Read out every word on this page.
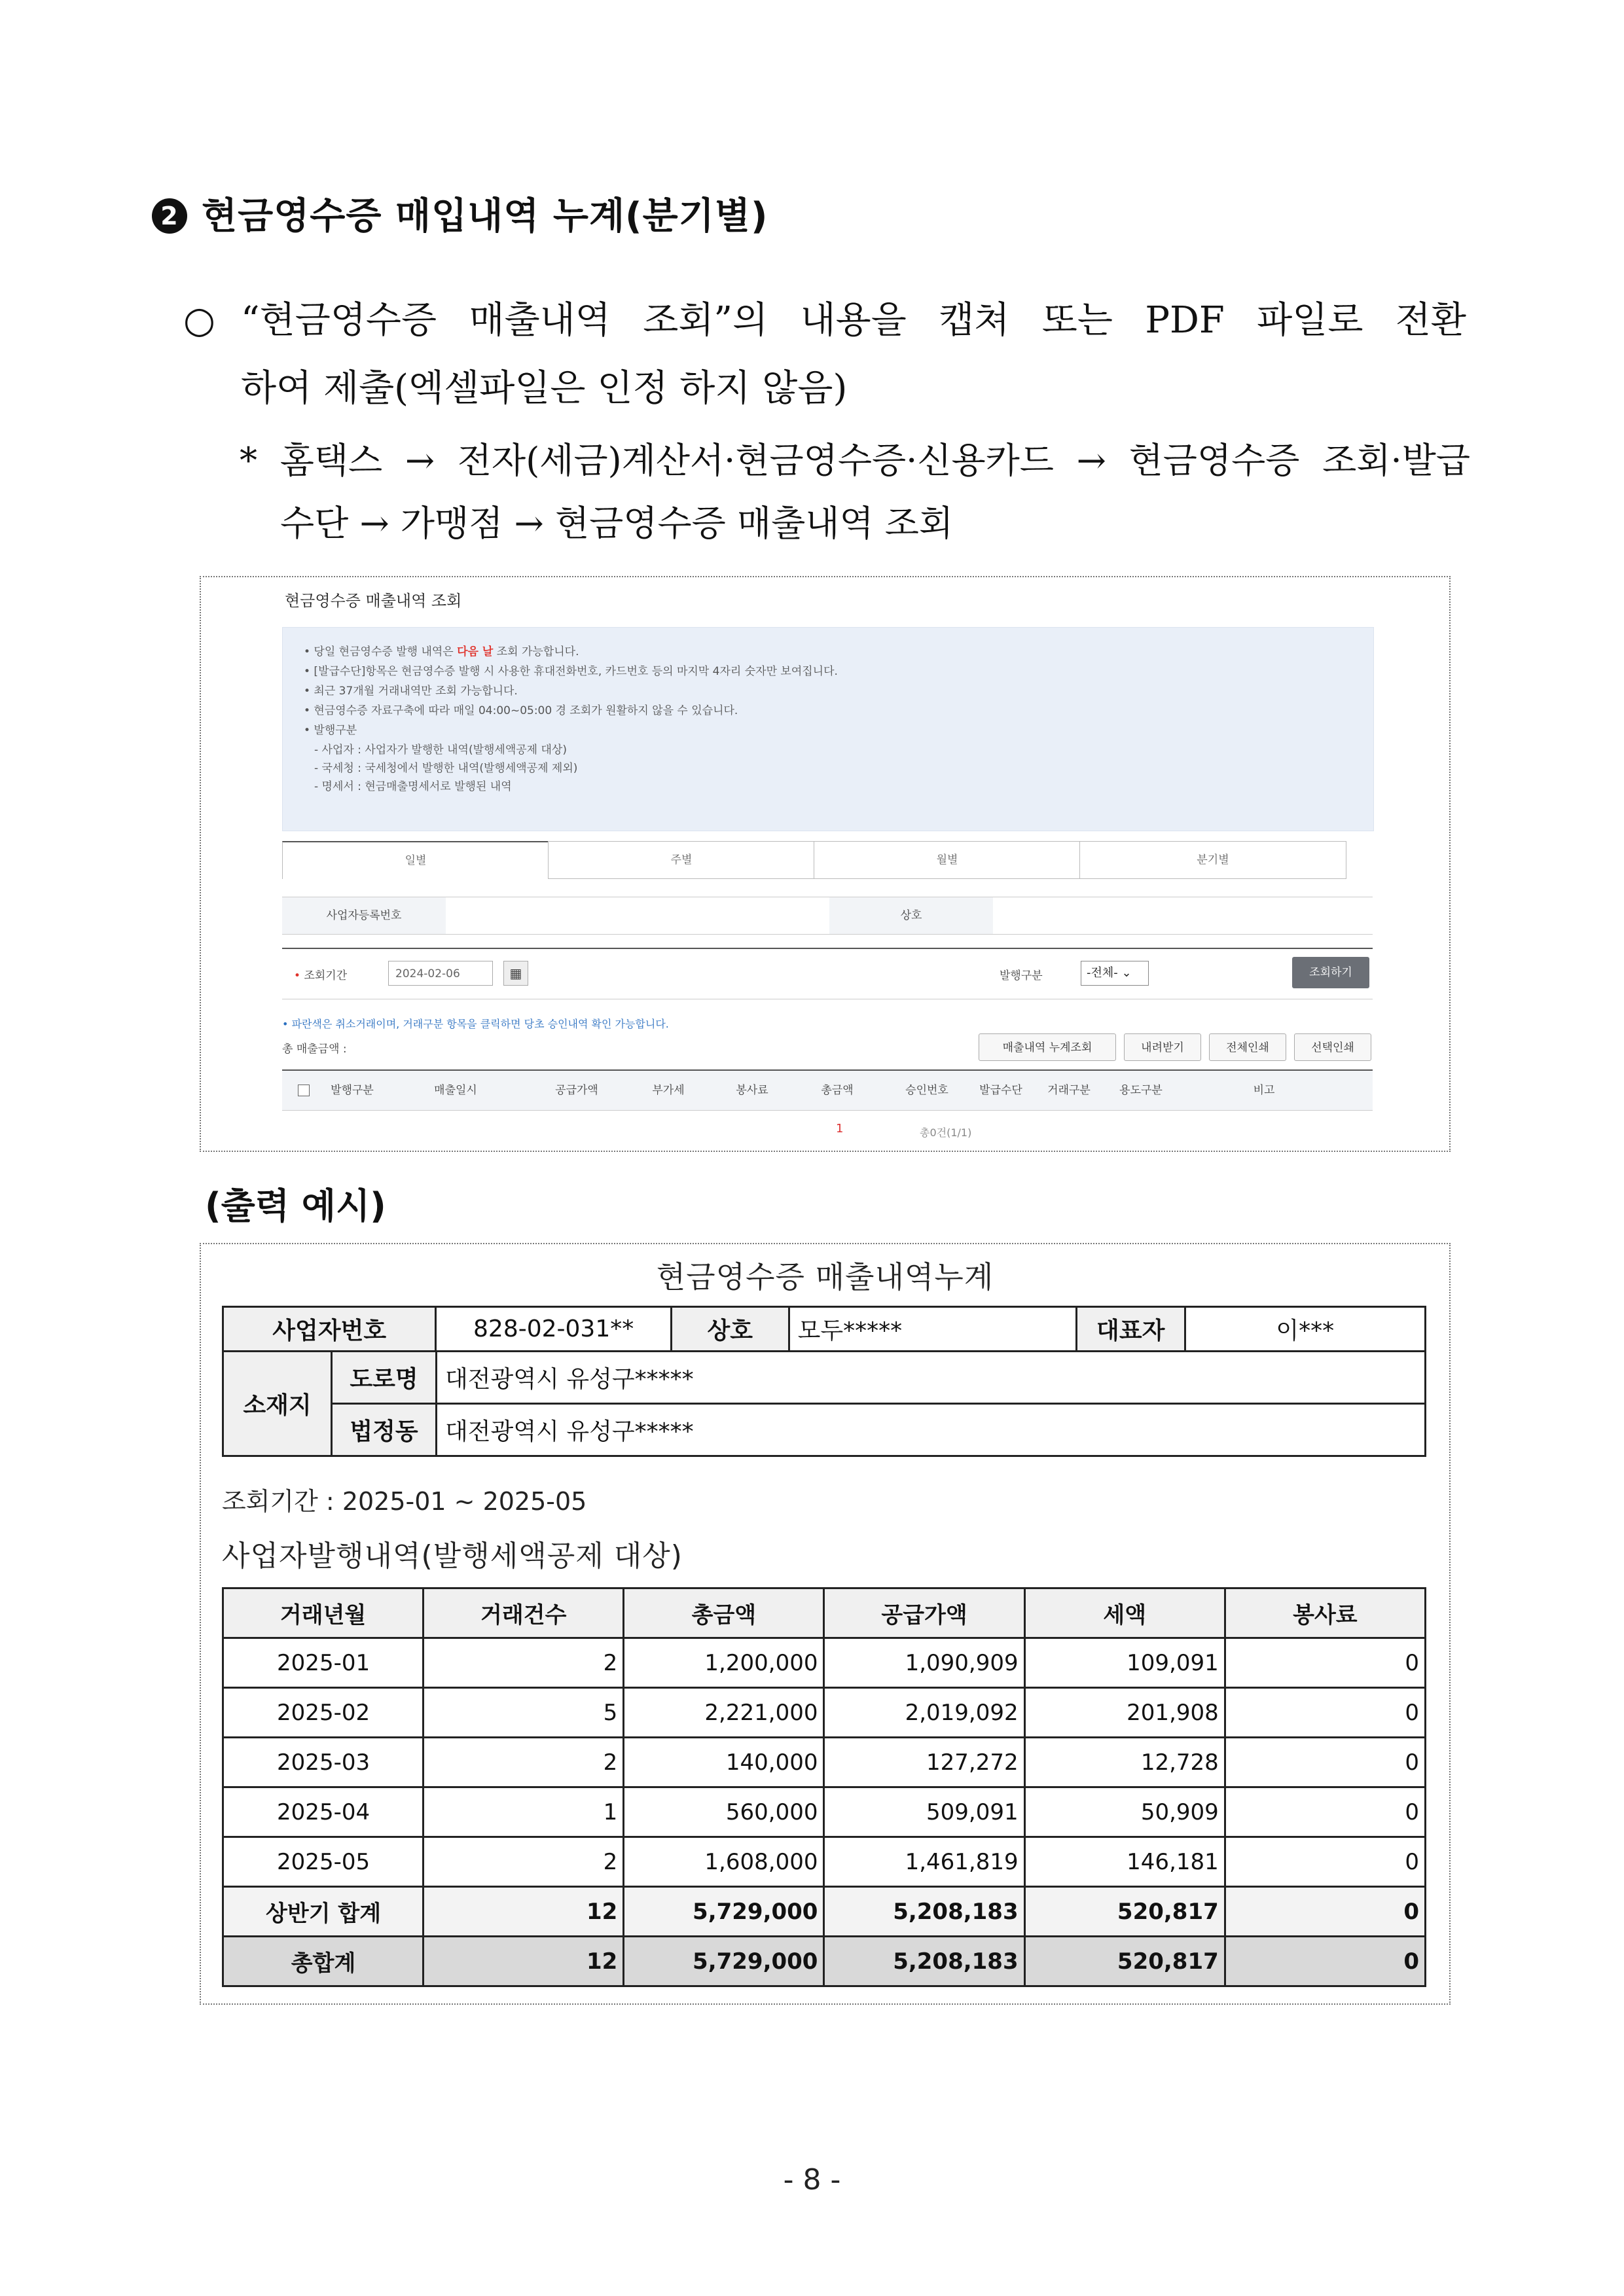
2 현금영수증 매입내역 누계(분기별)
○ “현금영수증 매출내역 조회”의 내용을 캡쳐 또는 PDF 파일로 전환
하여 제출(엑셀파일은 인정 하지 않음)
* 홈택스 → 전자(세금)계산서·현금영수증·신용카드 → 현금영수증 조회·발급
수단 → 가맹점 → 현금영수증 매출내역 조회
현금영수증 매출내역 조회
• 당일 현금영수증 발행 내역은 다음 날 조회 가능합니다.
• [발급수단]항목은 현금영수증 발행 시 사용한 휴대전화번호, 카드번호 등의 마지막 4자리 숫자만 보여집니다.
• 최근 37개월 거래내역만 조회 가능합니다.
• 현금영수증 자료구축에 따라 매일 04:00~05:00 경 조회가 원활하지 않을 수 있습니다.
• 발행구분
- 사업자 : 사업자가 발행한 내역(발행세액공제 대상)
- 국세청 : 국세청에서 발행한 내역(발행세액공제 제외)
- 명세서 : 현금매출명세서로 발행된 내역
일별	주별	월별	분기별
사업자등록번호	상호
• 조회기간	2024-02-06	▦	발행구분	-전체- ⌄	조회하기
• 파란색은 취소거래이며, 거래구분 항목을 클릭하면 당초 승인내역 확인 가능합니다.
총 매출금액 :	매출내역 누계조회	내려받기	전체인쇄	선택인쇄
발행구분	매출일시	공급가액	부가세	봉사료	총금액	승인번호	발급수단	거래구분	용도구분	비고
1	총0건(1/1)
(출력 예시)
현금영수증 매출내역누계
사업자번호	828-02-031**	상호	모두*****	대표자	이***
소재지	도로명	대전광역시 유성구*****
	법정동	대전광역시 유성구*****
조회기간 : 2025-01 ~ 2025-05
사업자발행내역(발행세액공제 대상)
거래년월	거래건수	총금액	공급가액	세액	봉사료
2025-01	2	1,200,000	1,090,909	109,091	0
2025-02	5	2,221,000	2,019,092	201,908	0
2025-03	2	140,000	127,272	12,728	0
2025-04	1	560,000	509,091	50,909	0
2025-05	2	1,608,000	1,461,819	146,181	0
상반기 합계	12	5,729,000	5,208,183	520,817	0
총합계	12	5,729,000	5,208,183	520,817	0
- 8 -
